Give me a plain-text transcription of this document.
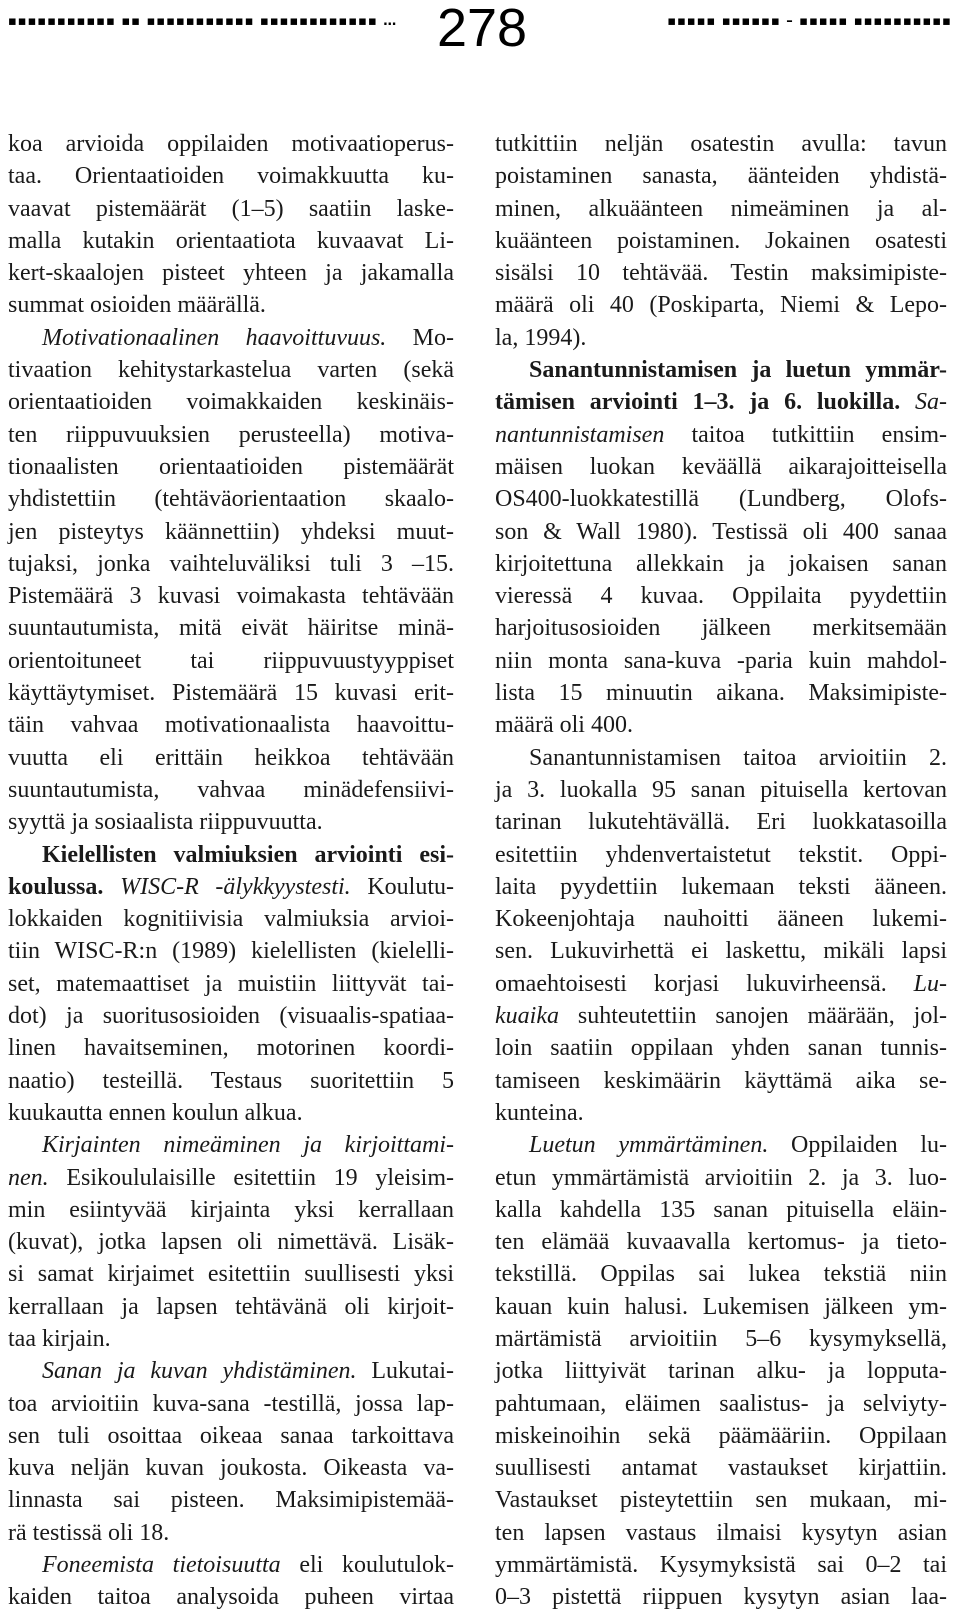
▪▪▪▪▪▪▪▪▪▪▪ ▪▪ ▪▪▪▪▪▪▪▪▪▪▪ ▪▪▪▪▪▪▪▪▪▪▪▪ … 278	▪▪▪▪▪ ▪▪▪▪▪▪ – ▪▪▪▪▪ ▪▪▪▪▪▪▪▪▪▪
koa arvioida oppilaiden motivaatioperus-
taa. Orientaatioiden voimakkuutta ku-
vaavat pistemäärät (1–5) saatiin laske-
malla kutakin orientaatiota kuvaavat Li-
kert-skaalojen pisteet yhteen ja jakamalla
summat osioiden määrällä.
Motivationaalinen haavoittuvuus. Mo-
tivaation kehitystarkastelua varten (sekä
orientaatioiden voimakkaiden keskinäis-
ten riippuvuuksien perusteella) motiva-
tionaalisten orientaatioiden pistemäärät
yhdistettiin (tehtäväorientaation skaalo-
jen pisteytys käännettiin) yhdeksi muut-
tujaksi, jonka vaihteluväliksi tuli 3 –15.
Pistemäärä 3 kuvasi voimakasta tehtävään
suuntautumista, mitä eivät häiritse minä-
orientoituneet tai riippuvuustyyppiset
käyttäytymiset. Pistemäärä 15 kuvasi erit-
täin vahvaa motivationaalista haavoittu-
vuutta eli erittäin heikkoa tehtävään
suuntautumista, vahvaa minädefensiivi-
syyttä ja sosiaalista riippuvuutta.
Kielellisten valmiuksien arviointi esi-
koulussa. WISC-R -älykkyystesti. Koulutu-
lokkaiden kognitiivisia valmiuksia arvioi-
tiin WISC-R:n (1989) kielellisten (kielelli-
set, matemaattiset ja muistiin liittyvät tai-
dot) ja suoritusosioiden (visuaalis-spatiaa-
linen havaitseminen, motorinen koordi-
naatio) testeillä. Testaus suoritettiin 5
kuukautta ennen koulun alkua.
Kirjainten nimeäminen ja kirjoittami-
nen. Esikoululaisille esitettiin 19 yleisim-
min esiintyvää kirjainta yksi kerrallaan
(kuvat), jotka lapsen oli nimettävä. Lisäk-
si samat kirjaimet esitettiin suullisesti yksi
kerrallaan ja lapsen tehtävänä oli kirjoit-
taa kirjain.
Sanan ja kuvan yhdistäminen. Lukutai-
toa arvioitiin kuva-sana -testillä, jossa lap-
sen tuli osoittaa oikeaa sanaa tarkoittava
kuva neljän kuvan joukosta. Oikeasta va-
linnasta sai pisteen. Maksimipistemää-
rä testissä oli 18.
Foneemista tietoisuutta eli koulutulok-
kaiden taitoa analysoida puheen virtaa
tutkittiin neljän osatestin avulla: tavun
poistaminen sanasta, äänteiden yhdistä-
minen, alkuäänteen nimeäminen ja al-
kuäänteen poistaminen. Jokainen osatesti
sisälsi 10 tehtävää. Testin maksimipiste-
määrä oli 40 (Poskiparta, Niemi & Lepo-
la, 1994).
Sanantunnistamisen ja luetun ymmär-
tämisen arviointi 1–3. ja 6. luokilla. Sa-
nantunnistamisen taitoa tutkittiin ensim-
mäisen luokan keväällä aikarajoitteisella
OS400-luokkatestillä (Lundberg, Olofs-
son & Wall 1980). Testissä oli 400 sanaa
kirjoitettuna allekkain ja jokaisen sanan
vieressä 4 kuvaa. Oppilaita pyydettiin
harjoitusosioiden jälkeen merkitsemään
niin monta sana-kuva -paria kuin mahdol-
lista 15 minuutin aikana. Maksimipiste-
määrä oli 400.
Sanantunnistamisen taitoa arvioitiin 2.
ja 3. luokalla 95 sanan pituisella kertovan
tarinan lukutehtävällä. Eri luokkatasoilla
esitettiin yhdenvertaistetut tekstit. Oppi-
laita pyydettiin lukemaan teksti ääneen.
Kokeenjohtaja nauhoitti ääneen lukemi-
sen. Lukuvirhettä ei laskettu, mikäli lapsi
omaehtoisesti korjasi lukuvirheensä. Lu-
kuaika suhteutettiin sanojen määrään, jol-
loin saatiin oppilaan yhden sanan tunnis-
tamiseen keskimäärin käyttämä aika se-
kunteina.
Luetun ymmärtäminen. Oppilaiden lu-
etun ymmärtämistä arvioitiin 2. ja 3. luo-
kalla kahdella 135 sanan pituisella eläin-
ten elämää kuvaavalla kertomus- ja tieto-
tekstillä. Oppilas sai lukea tekstiä niin
kauan kuin halusi. Lukemisen jälkeen ym-
märtämistä arvioitiin 5–6 kysymyksellä,
jotka liittyivät tarinan alku- ja lopputa-
pahtumaan, eläimen saalistus- ja selviyty-
miskeinoihin sekä päämääriin. Oppilaan
suullisesti antamat vastaukset kirjattiin.
Vastaukset pisteytettiin sen mukaan, mi-
ten lapsen vastaus ilmaisi kysytyn asian
ymmärtämistä. Kysymyksistä sai 0–2 tai
0–3 pistettä riippuen kysytyn asian laa-
